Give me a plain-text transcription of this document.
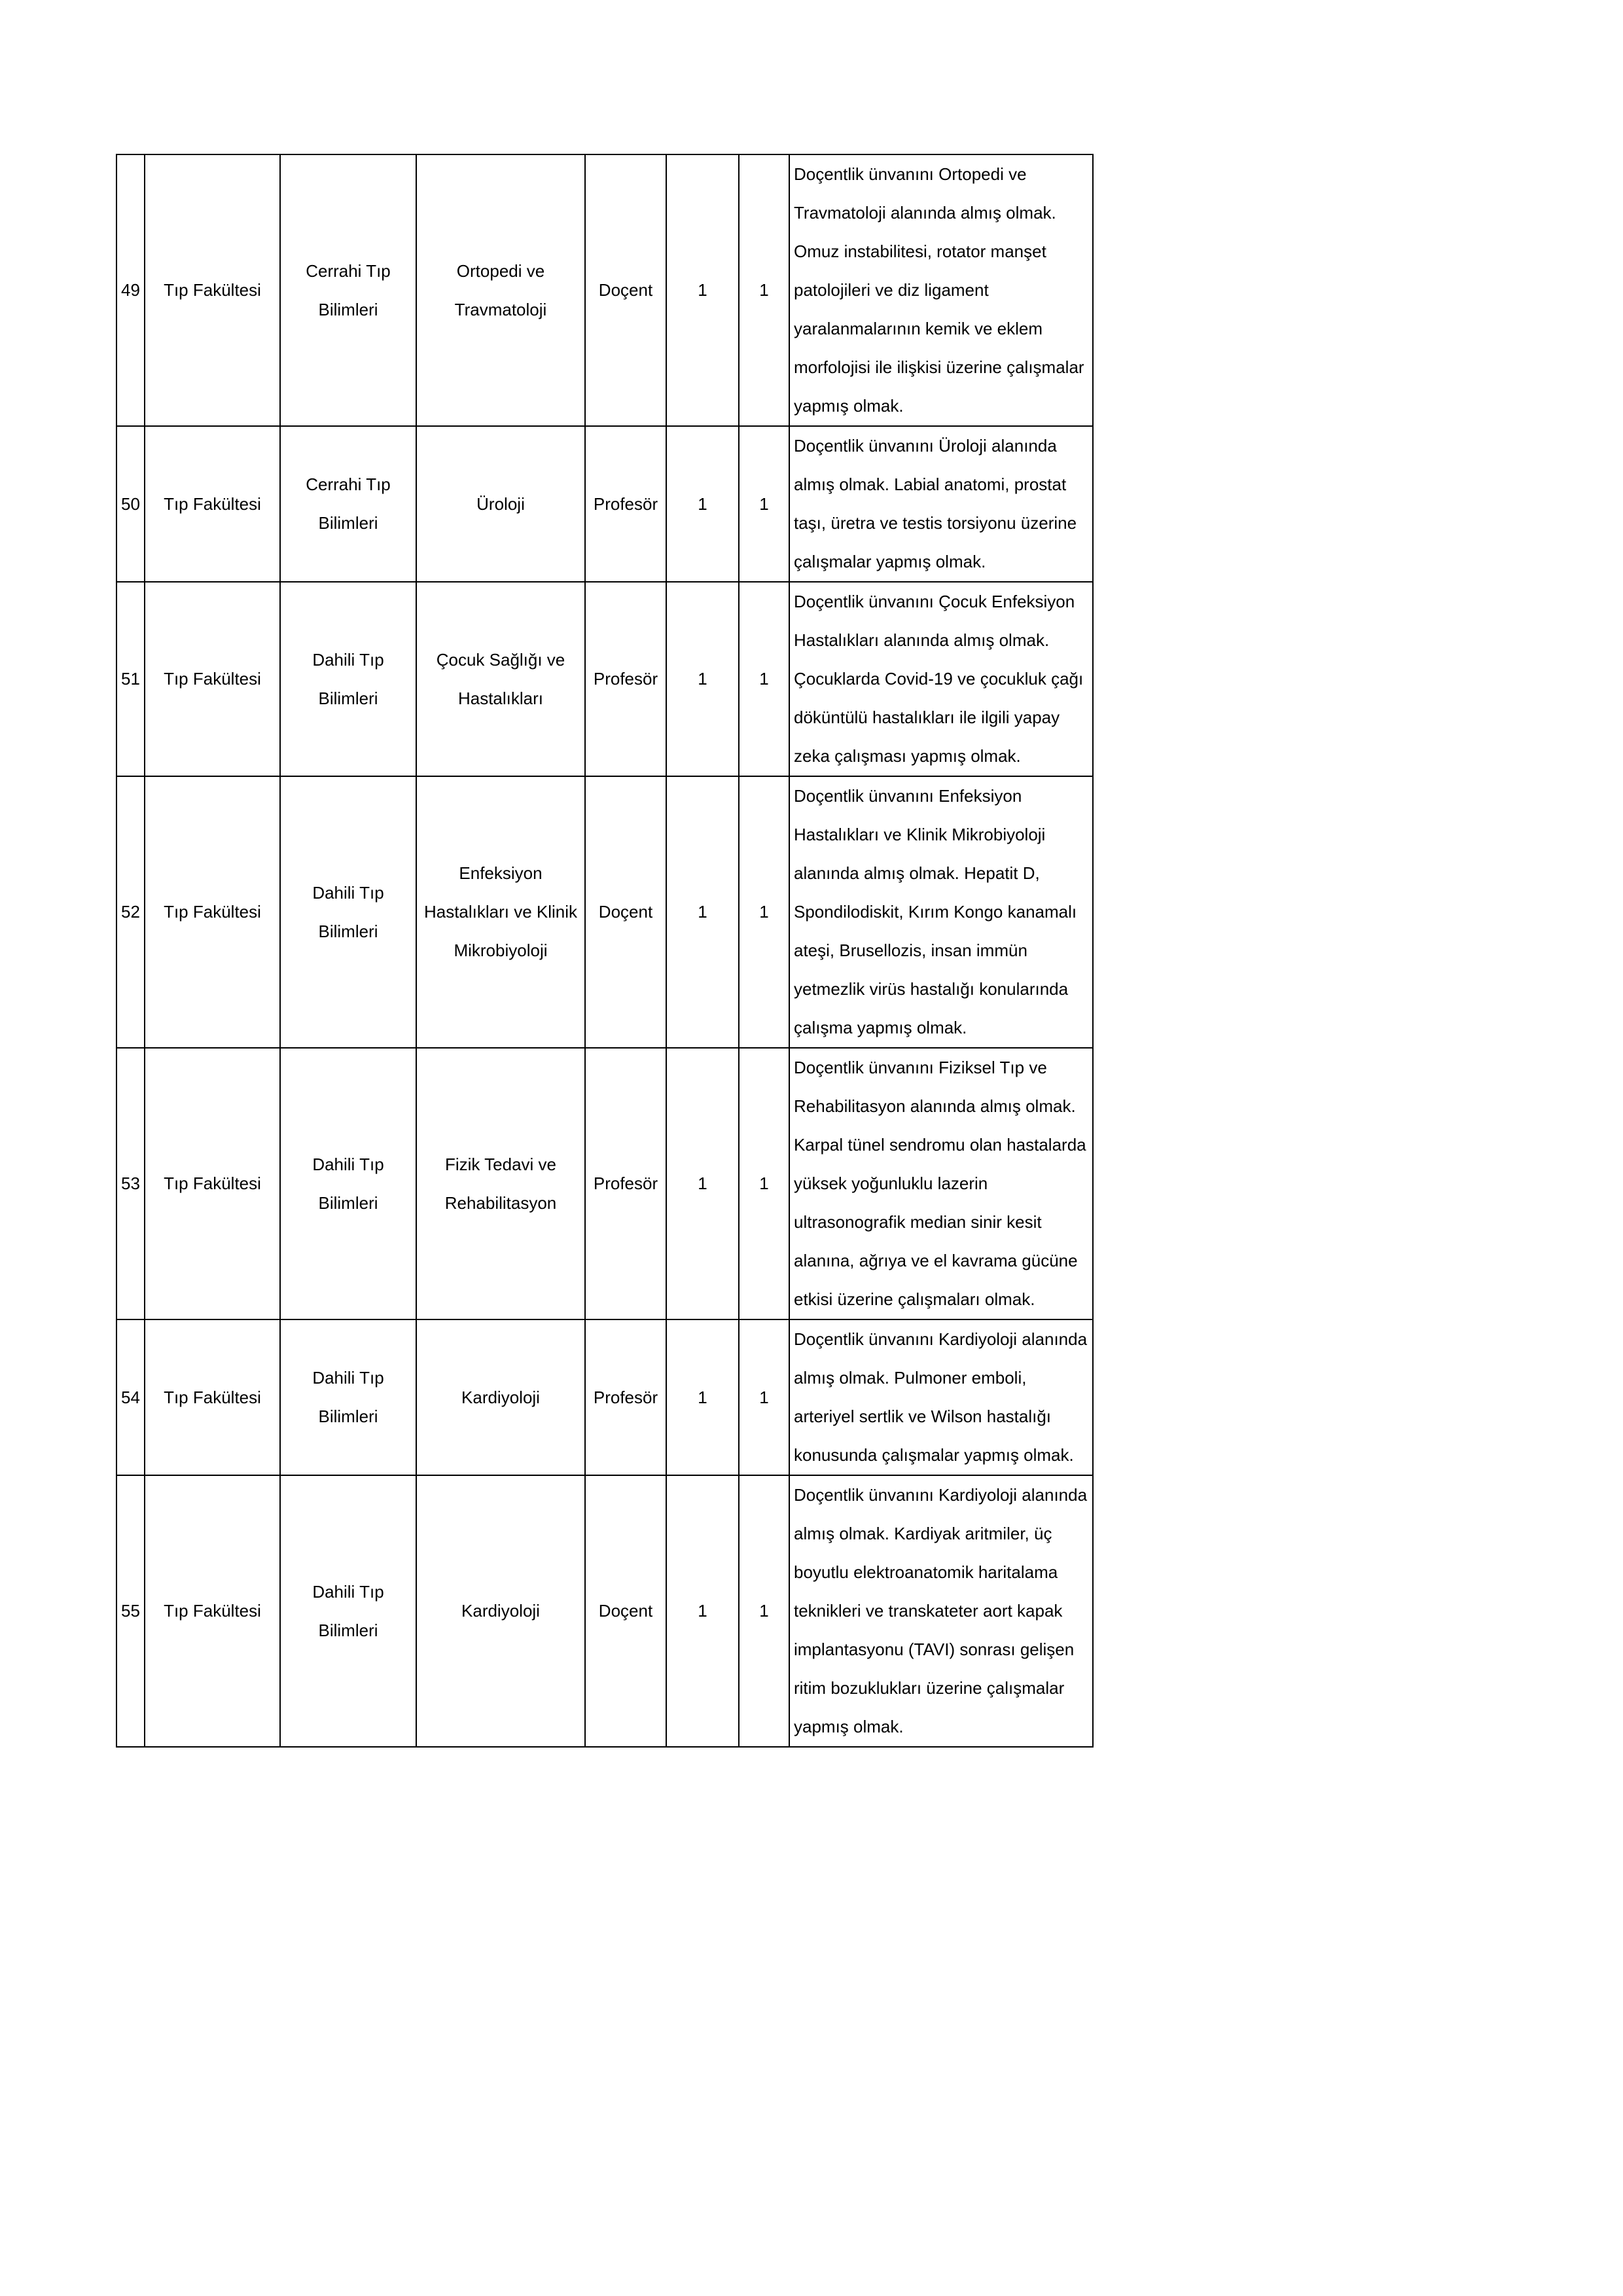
49	Tıp Fakültesi	Cerrahi Tıp Bilimleri	Ortopedi ve Travmatoloji	Doçent	1	1	Doçentlik ünvanını Ortopedi ve Travmatoloji alanında almış olmak. Omuz instabilitesi, rotator manşet patolojileri ve diz ligament yaralanmalarının kemik ve eklem morfolojisi ile ilişkisi üzerine çalışmalar yapmış olmak.
50	Tıp Fakültesi	Cerrahi Tıp Bilimleri	Üroloji	Profesör	1	1	Doçentlik ünvanını Üroloji alanında almış olmak. Labial anatomi, prostat taşı, üretra ve testis torsiyonu üzerine çalışmalar yapmış olmak.
51	Tıp Fakültesi	Dahili Tıp Bilimleri	Çocuk Sağlığı ve Hastalıkları	Profesör	1	1	Doçentlik ünvanını Çocuk Enfeksiyon Hastalıkları alanında almış olmak. Çocuklarda Covid-19 ve çocukluk çağı döküntülü hastalıkları ile ilgili yapay zeka çalışması yapmış olmak.
52	Tıp Fakültesi	Dahili Tıp Bilimleri	Enfeksiyon Hastalıkları ve Klinik Mikrobiyoloji	Doçent	1	1	Doçentlik ünvanını Enfeksiyon Hastalıkları ve Klinik Mikrobiyoloji alanında almış olmak. Hepatit D, Spondilodiskit, Kırım Kongo kanamalı ateşi, Brusellozis, insan immün yetmezlik virüs hastalığı konularında çalışma yapmış olmak.
53	Tıp Fakültesi	Dahili Tıp Bilimleri	Fizik Tedavi ve Rehabilitasyon	Profesör	1	1	Doçentlik ünvanını Fiziksel Tıp ve Rehabilitasyon alanında almış olmak. Karpal tünel sendromu olan hastalarda yüksek yoğunluklu lazerin ultrasonografik median sinir kesit alanına, ağrıya ve el kavrama gücüne etkisi üzerine çalışmaları olmak.
54	Tıp Fakültesi	Dahili Tıp Bilimleri	Kardiyoloji	Profesör	1	1	Doçentlik ünvanını Kardiyoloji alanında almış olmak. Pulmoner emboli, arteriyel sertlik ve Wilson hastalığı konusunda çalışmalar yapmış olmak.
55	Tıp Fakültesi	Dahili Tıp Bilimleri	Kardiyoloji	Doçent	1	1	Doçentlik ünvanını Kardiyoloji alanında almış olmak. Kardiyak aritmiler, üç boyutlu elektroanatomik haritalama teknikleri ve transkateter aort kapak implantasyonu (TAVI) sonrası gelişen ritim bozuklukları üzerine çalışmalar yapmış olmak.
